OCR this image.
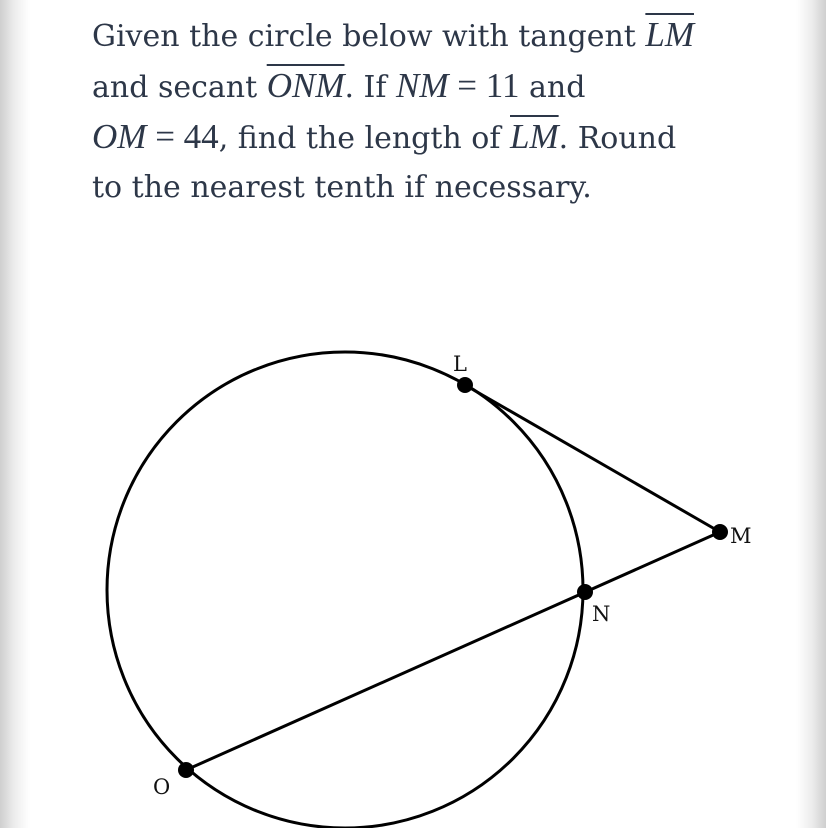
Given the circle below with tangent $\overline{LM}$
and secant $\overline{ONM}$. If NM = 11 and
OM = 44, find the length of $\overline{LM}$. Round
to the nearest tenth if necessary.
L
M
N
O
